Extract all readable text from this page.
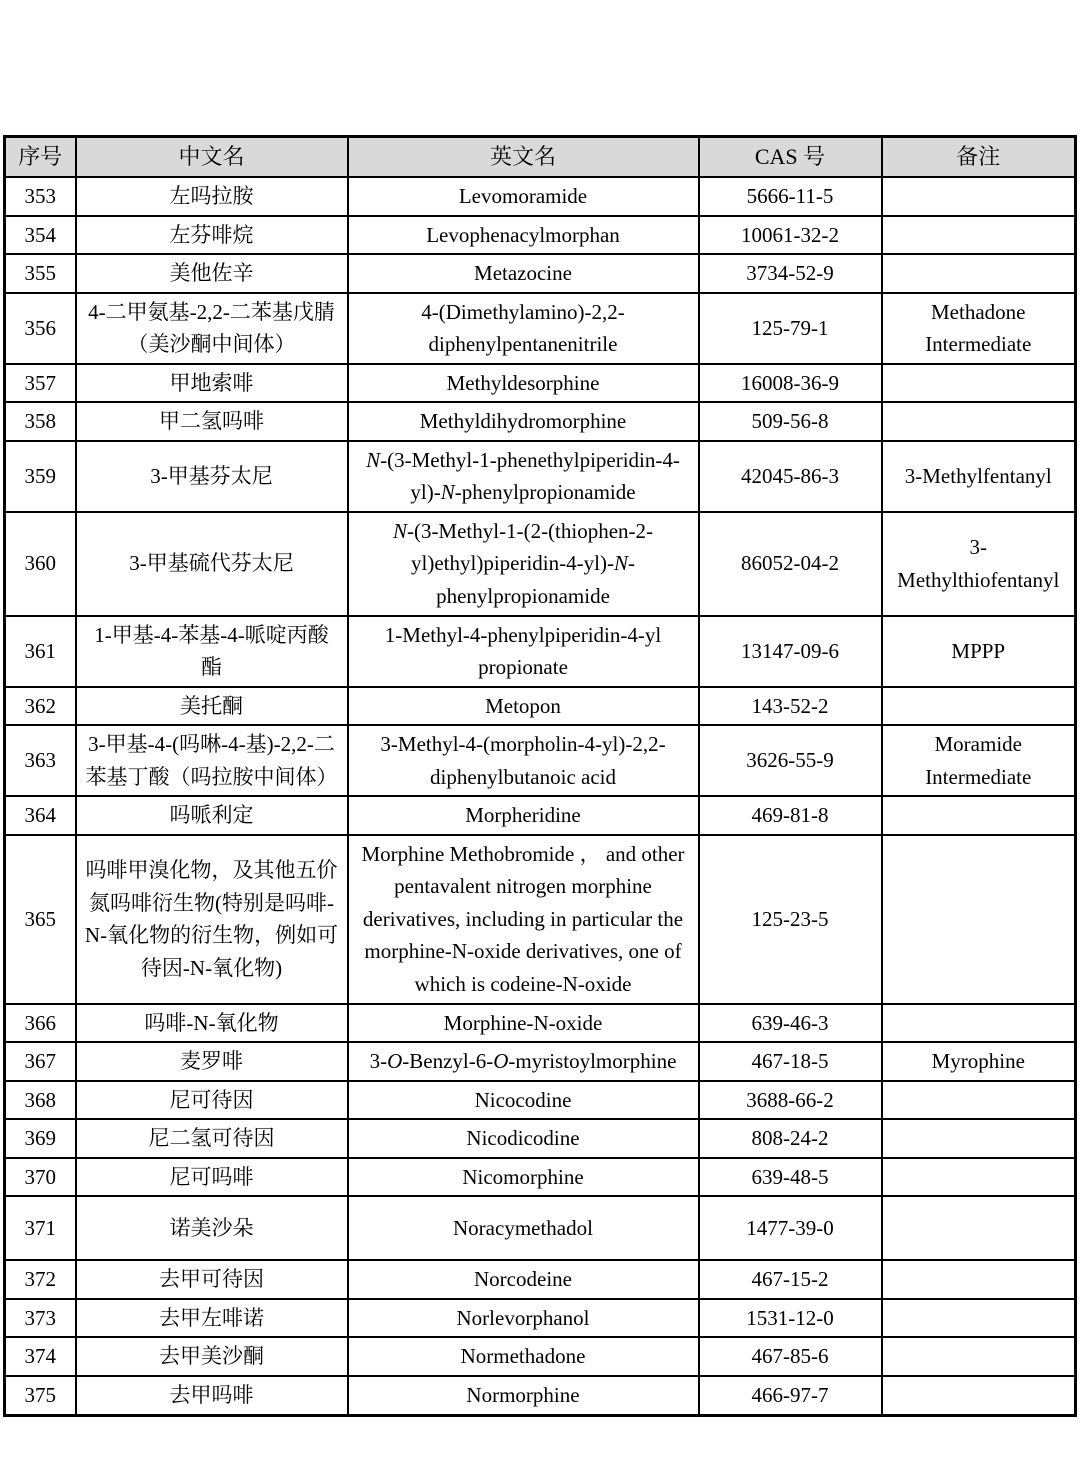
序号	中文名	英文名	CAS 号	备注
353	左吗拉胺	Levomoramide	5666-11-5	
354	左芬啡烷	Levophenacylmorphan	10061-32-2	
355	美他佐辛	Metazocine	3734-52-9	
356	4-二甲氨基-2,2-二苯基戊腈（美沙酮中间体）	4-(Dimethylamino)-2,2-diphenylpentanenitrile	125-79-1	Methadone Intermediate
357	甲地索啡	Methyldesorphine	16008-36-9	
358	甲二氢吗啡	Methyldihydromorphine	509-56-8	
359	3-甲基芬太尼	N-(3-Methyl-1-phenethylpiperidin-4-yl)-N-phenylpropionamide	42045-86-3	3-Methylfentanyl
360	3-甲基硫代芬太尼	N-(3-Methyl-1-(2-(thiophen-2-yl)ethyl)piperidin-4-yl)-N-phenylpropionamide	86052-04-2	3-Methylthiofentanyl
361	1-甲基-4-苯基-4-哌啶丙酸酯	1-Methyl-4-phenylpiperidin-4-yl propionate	13147-09-6	MPPP
362	美托酮	Metopon	143-52-2	
363	3-甲基-4-(吗啉-4-基)-2,2-二苯基丁酸（吗拉胺中间体）	3-Methyl-4-(morpholin-4-yl)-2,2-diphenylbutanoic acid	3626-55-9	Moramide Intermediate
364	吗哌利定	Morpheridine	469-81-8	
365	吗啡甲溴化物，及其他五价氮吗啡衍生物(特别是吗啡-N-氧化物的衍生物，例如可待因-N-氧化物)	Morphine Methobromide ， and other pentavalent nitrogen morphine derivatives, including in particular the morphine-N-oxide derivatives, one of which is codeine-N-oxide	125-23-5	
366	吗啡-N-氧化物	Morphine-N-oxide	639-46-3	
367	麦罗啡	3-O-Benzyl-6-O-myristoylmorphine	467-18-5	Myrophine
368	尼可待因	Nicocodine	3688-66-2	
369	尼二氢可待因	Nicodicodine	808-24-2	
370	尼可吗啡	Nicomorphine	639-48-5	
371	诺美沙朵	Noracymethadol	1477-39-0	
372	去甲可待因	Norcodeine	467-15-2	
373	去甲左啡诺	Norlevorphanol	1531-12-0	
374	去甲美沙酮	Normethadone	467-85-6	
375	去甲吗啡	Normorphine	466-97-7	
